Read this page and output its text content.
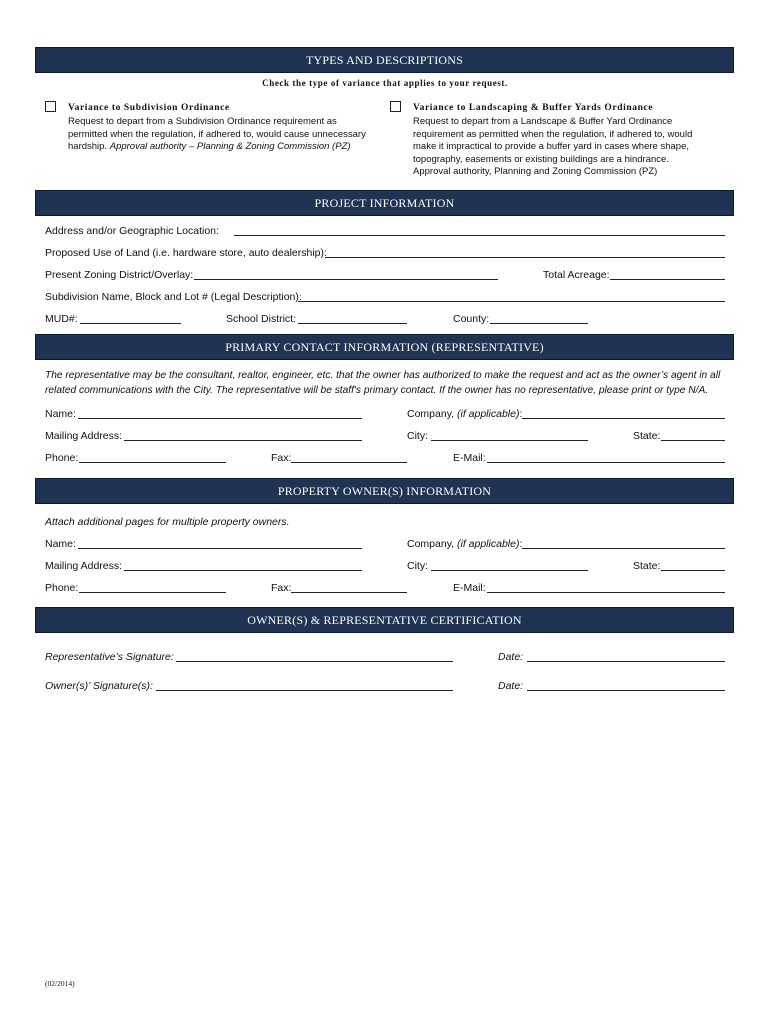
TYPES AND DESCRIPTIONS
Check the type of variance that applies to your request.
Variance to Subdivision Ordinance
Request to depart from a Subdivision Ordinance requirement as
permitted when the regulation, if adhered to, would cause unnecessary
hardship. Approval authority – Planning & Zoning Commission (PZ)
Variance to Landscaping & Buffer Yards Ordinance
Request to depart from a Landscape & Buffer Yard Ordinance
requirement as permitted when the regulation, if adhered to, would
make it impractical to provide a buffer yard in cases where shape,
topography, easements or existing buildings are a hindrance.
Approval authority, Planning and Zoning Commission (PZ)
PROJECT INFORMATION
Address and/or Geographic Location:
Proposed Use of Land (i.e. hardware store, auto dealership):
Present Zoning District/Overlay:	Total Acreage:
Subdivision Name, Block and Lot # (Legal Description):
MUD#:	School District:	County:
PRIMARY CONTACT INFORMATION (REPRESENTATIVE)
The representative may be the consultant, realtor, engineer, etc. that the owner has authorized to make the request and act as the owner’s agent in all
related communications with the City. The representative will be staff's primary contact. If the owner has no representative, please print or type N/A.
Name:	Company, (if applicable):
Mailing Address:	City:	State:
Phone:	Fax:	E-Mail:
PROPERTY OWNER(S) INFORMATION
Attach additional pages for multiple property owners.
Name:	Company, (if applicable):
Mailing Address:	City:	State:
Phone:	Fax:	E-Mail:
OWNER(S) & REPRESENTATIVE CERTIFICATION
Representative’s Signature:	Date:
Owner(s)’ Signature(s):	Date:
(02/2014)
